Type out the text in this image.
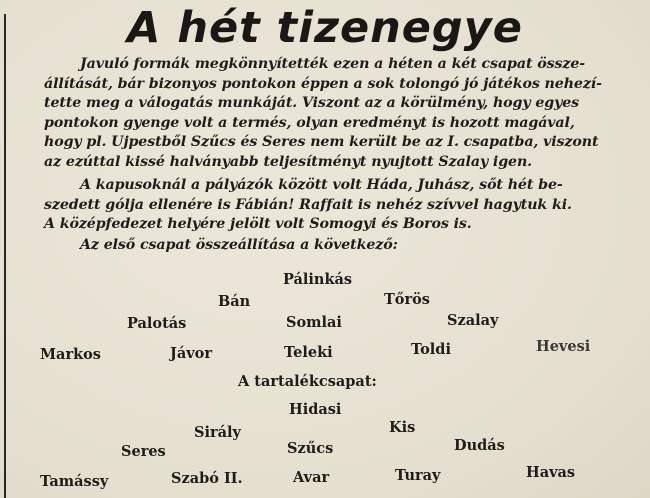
A hét tizenegye
Javuló formák megkönnyítették ezen a héten a két csapat össze-
állítását, bár bizonyos pontokon éppen a sok tolongó jó játékos nehezí-
tette meg a válogatás munkáját. Viszont az a körülmény, hogy egyes
pontokon gyenge volt a termés, olyan eredményt is hozott magával,
hogy pl. Ujpestből Szűcs és Seres nem került be az I. csapatba, viszont
az ezúttal kissé halványabb teljesítményt nyujtott Szalay igen.
A kapusoknál a pályázók között volt Háda, Juhász, sőt hét be-
szedett gólja ellenére is Fábián! Raffait is nehéz szívvel hagytuk ki.
A középfedezet helyére jelölt volt Somogyi és Boros is.
Az első csapat összeállítása a következő:
Pálinkás
Bán	Tőrös
Palotás	Somlai	Szalay
Markos	Jávor	Teleki	Toldi	Hevesi
A tartalékcsapat:
Hidasi
Sirály	Kis
Seres	Szűcs	Dudás
Tamássy	Szabó II.	Avar	Turay	Havas
